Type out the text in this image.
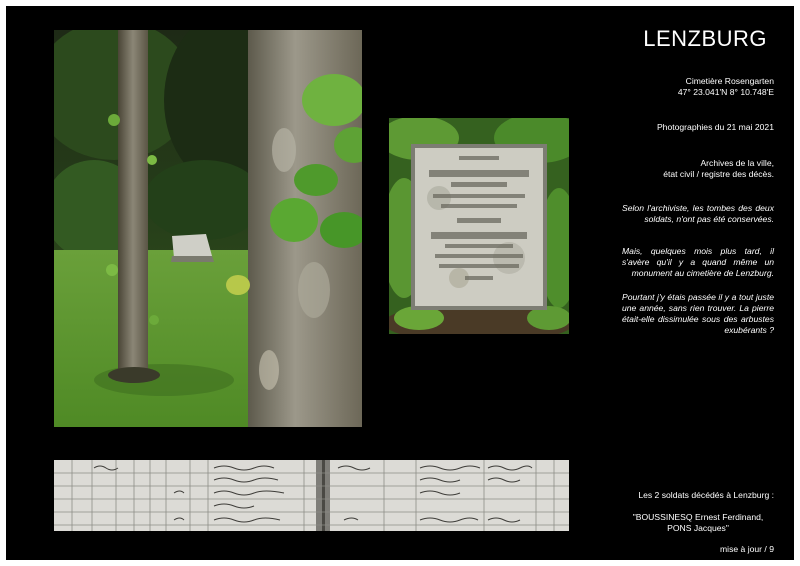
LENZBURG
Cimetière Rosengarten
47° 23.041'N 8° 10.748'E
Photographies du 21 mai 2021
Archives de la ville,
état civil / registre des décès.
Selon l'archiviste, les tombes des deux soldats, n'ont pas été conservées.
Mais, quelques mois plus tard, il s'avère qu'il y a quand même un monument au cimetière de Lenzburg.
Pourtant j'y étais passée il y a tout juste une année, sans rien trouver. La pierre était-elle dissimulée sous des arbustes exubérants ?
Les 2 soldats décédés à Lenzburg :
"BOUSSINESQ Ernest Ferdinand,
PONS Jacques"
mise à jour / 9
